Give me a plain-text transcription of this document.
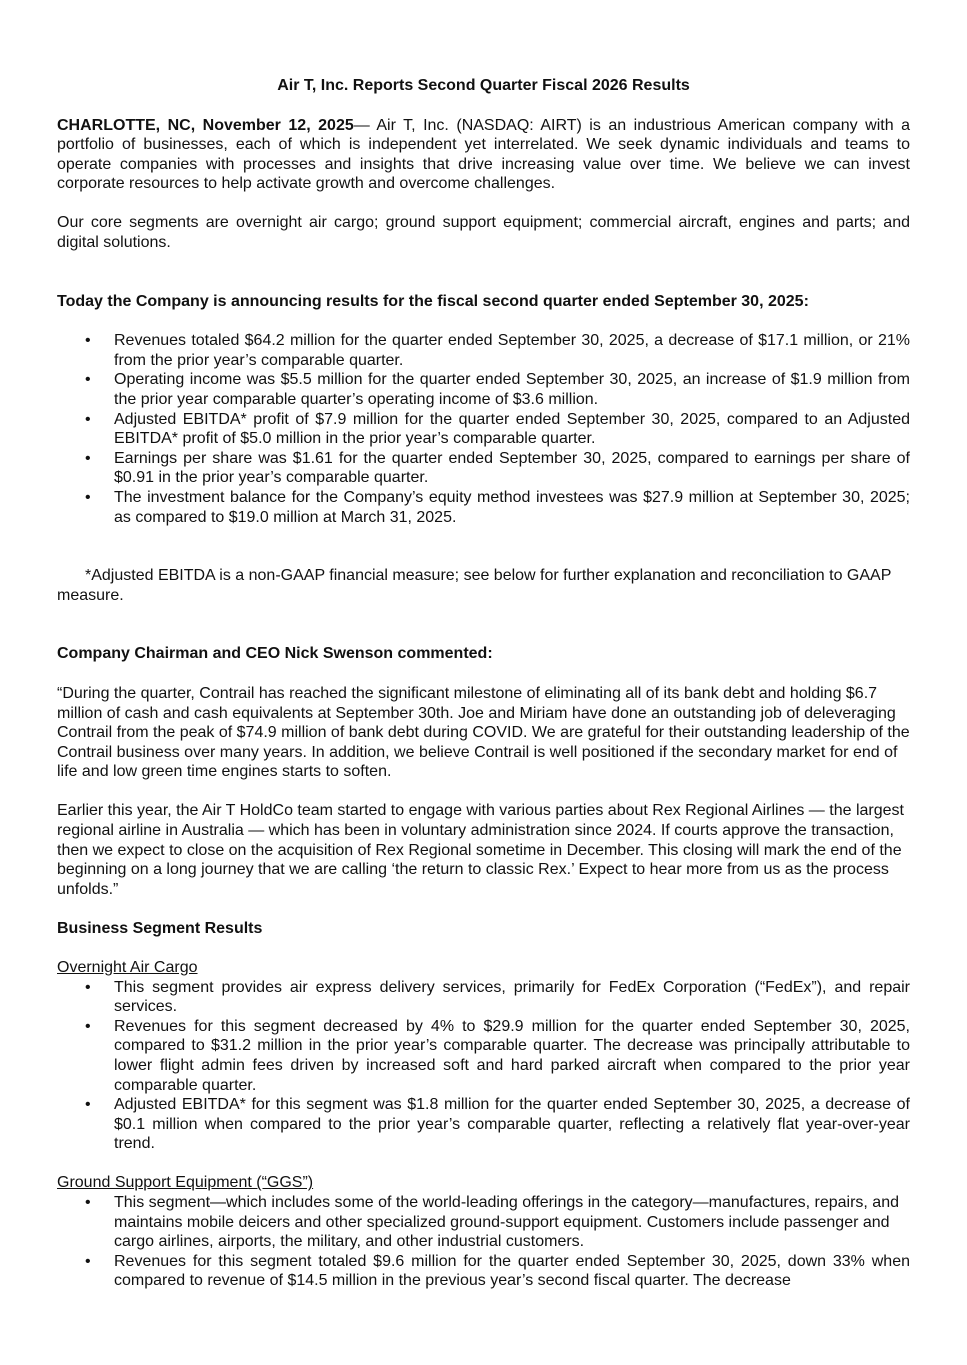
Air T, Inc. Reports Second Quarter Fiscal 2026 Results

CHARLOTTE, NC, November 12, 2025— Air T, Inc. (NASDAQ: AIRT) is an industrious American company with a portfolio of businesses, each of which is independent yet interrelated. We seek dynamic individuals and teams to operate companies with processes and insights that drive increasing value over time. We believe we can invest corporate resources to help activate growth and overcome challenges.

Our core segments are overnight air cargo; ground support equipment; commercial aircraft, engines and parts; and digital solutions.

Today the Company is announcing results for the fiscal second quarter ended September 30, 2025:

• Revenues totaled $64.2 million for the quarter ended September 30, 2025, a decrease of $17.1 million, or 21% from the prior year’s comparable quarter.
• Operating income was $5.5 million for the quarter ended September 30, 2025, an increase of $1.9 million from the prior year comparable quarter’s operating income of $3.6 million.
• Adjusted EBITDA* profit of $7.9 million for the quarter ended September 30, 2025, compared to an Adjusted EBITDA* profit of $5.0 million in the prior year’s comparable quarter.
• Earnings per share was $1.61 for the quarter ended September 30, 2025, compared to earnings per share of $0.91 in the prior year’s comparable quarter.
• The investment balance for the Company’s equity method investees was $27.9 million at September 30, 2025; as compared to $19.0 million at March 31, 2025.

*Adjusted EBITDA is a non-GAAP financial measure; see below for further explanation and reconciliation to GAAP measure.

Company Chairman and CEO Nick Swenson commented:

“During the quarter, Contrail has reached the significant milestone of eliminating all of its bank debt and holding $6.7 million of cash and cash equivalents at September 30th. Joe and Miriam have done an outstanding job of deleveraging Contrail from the peak of $74.9 million of bank debt during COVID. We are grateful for their outstanding leadership of the Contrail business over many years. In addition, we believe Contrail is well positioned if the secondary market for end of life and low green time engines starts to soften.

Earlier this year, the Air T HoldCo team started to engage with various parties about Rex Regional Airlines — the largest regional airline in Australia — which has been in voluntary administration since 2024. If courts approve the transaction, then we expect to close on the acquisition of Rex Regional sometime in December. This closing will mark the end of the beginning on a long journey that we are calling ‘the return to classic Rex.’ Expect to hear more from us as the process unfolds.”

Business Segment Results

Overnight Air Cargo

• This segment provides air express delivery services, primarily for FedEx Corporation (“FedEx”), and repair services.
• Revenues for this segment decreased by 4% to $29.9 million for the quarter ended September 30, 2025, compared to $31.2 million in the prior year’s comparable quarter. The decrease was principally attributable to lower flight admin fees driven by increased soft and hard parked aircraft when compared to the prior year comparable quarter.
• Adjusted EBITDA* for this segment was $1.8 million for the quarter ended September 30, 2025, a decrease of $0.1 million when compared to the prior year’s comparable quarter, reflecting a relatively flat year-over-year trend.

Ground Support Equipment (“GGS”)

• This segment—which includes some of the world-leading offerings in the category—manufactures, repairs, and maintains mobile deicers and other specialized ground-support equipment. Customers include passenger and cargo airlines, airports, the military, and other industrial customers.
• Revenues for this segment totaled $9.6 million for the quarter ended September 30, 2025, down 33% when compared to revenue of $14.5 million in the previous year’s second fiscal quarter. The decrease
